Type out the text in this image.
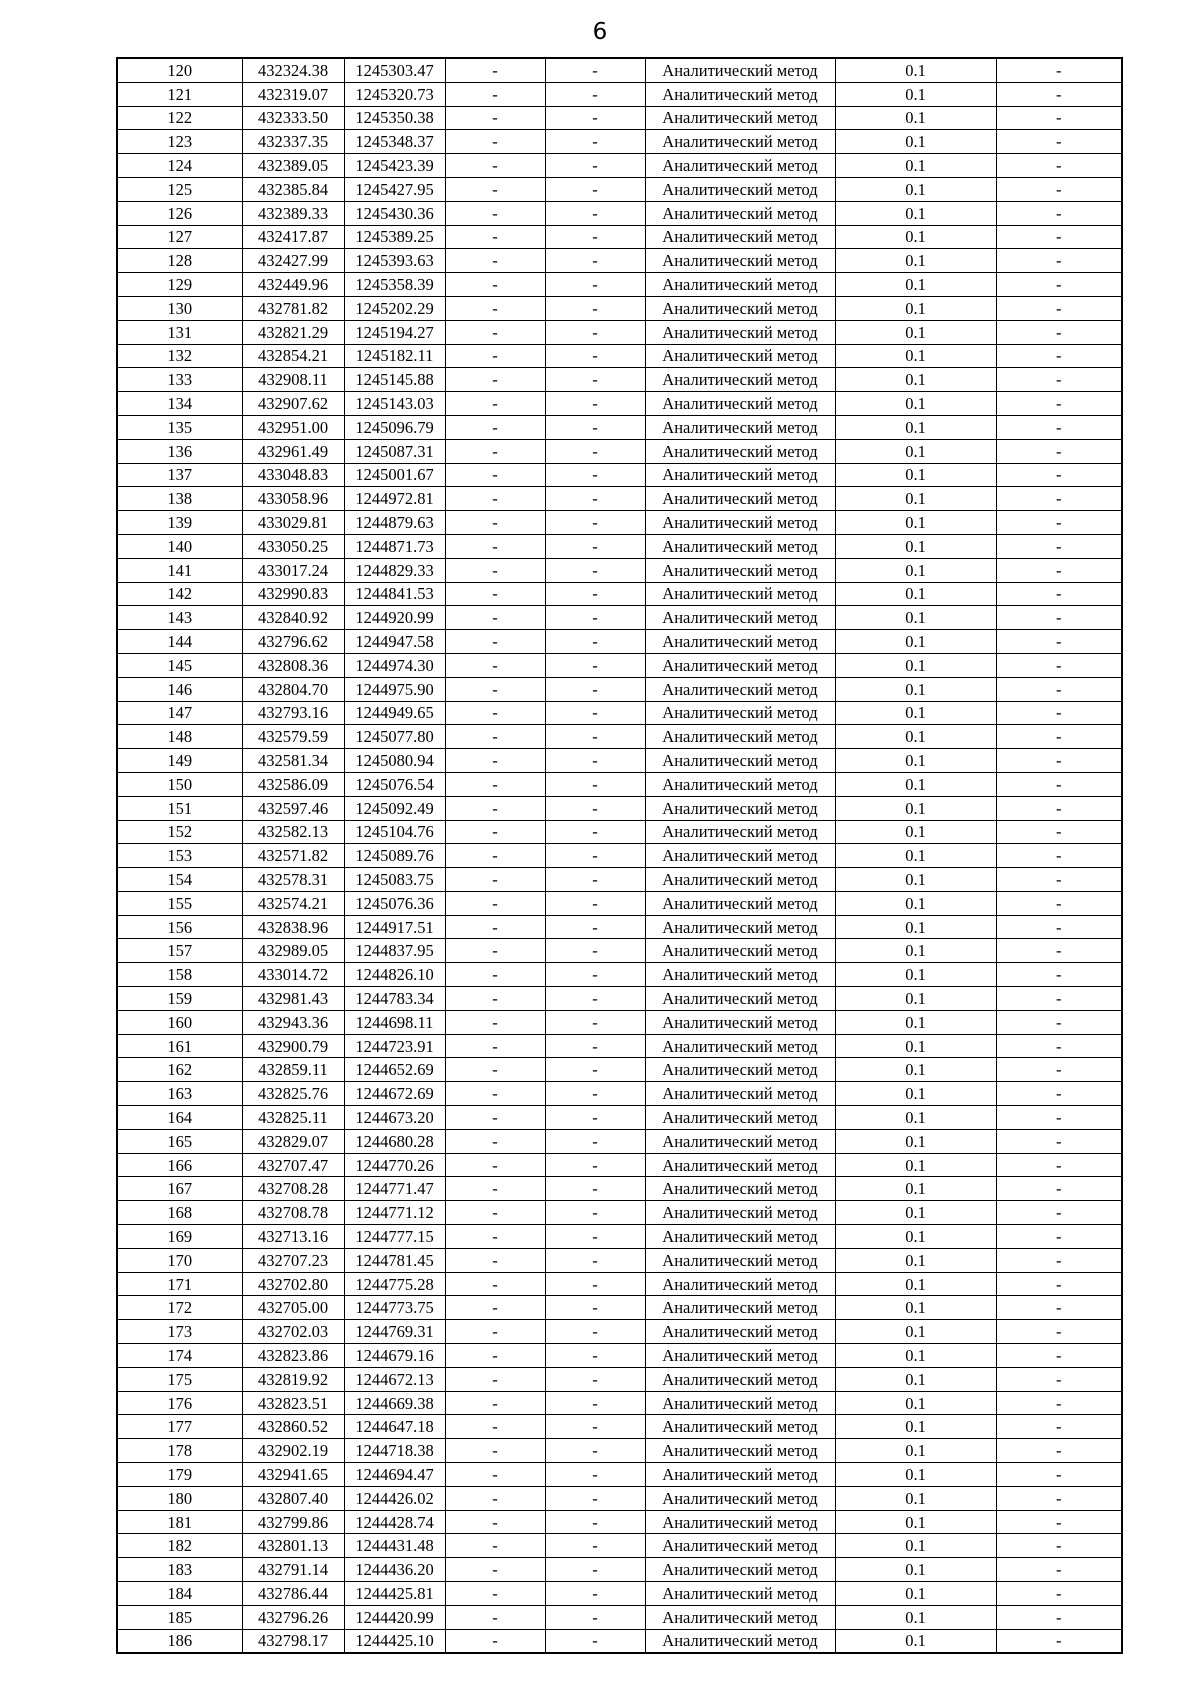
6
120	432324.38	1245303.47	-	-	Аналитический метод	0.1	-
121	432319.07	1245320.73	-	-	Аналитический метод	0.1	-
122	432333.50	1245350.38	-	-	Аналитический метод	0.1	-
123	432337.35	1245348.37	-	-	Аналитический метод	0.1	-
124	432389.05	1245423.39	-	-	Аналитический метод	0.1	-
125	432385.84	1245427.95	-	-	Аналитический метод	0.1	-
126	432389.33	1245430.36	-	-	Аналитический метод	0.1	-
127	432417.87	1245389.25	-	-	Аналитический метод	0.1	-
128	432427.99	1245393.63	-	-	Аналитический метод	0.1	-
129	432449.96	1245358.39	-	-	Аналитический метод	0.1	-
130	432781.82	1245202.29	-	-	Аналитический метод	0.1	-
131	432821.29	1245194.27	-	-	Аналитический метод	0.1	-
132	432854.21	1245182.11	-	-	Аналитический метод	0.1	-
133	432908.11	1245145.88	-	-	Аналитический метод	0.1	-
134	432907.62	1245143.03	-	-	Аналитический метод	0.1	-
135	432951.00	1245096.79	-	-	Аналитический метод	0.1	-
136	432961.49	1245087.31	-	-	Аналитический метод	0.1	-
137	433048.83	1245001.67	-	-	Аналитический метод	0.1	-
138	433058.96	1244972.81	-	-	Аналитический метод	0.1	-
139	433029.81	1244879.63	-	-	Аналитический метод	0.1	-
140	433050.25	1244871.73	-	-	Аналитический метод	0.1	-
141	433017.24	1244829.33	-	-	Аналитический метод	0.1	-
142	432990.83	1244841.53	-	-	Аналитический метод	0.1	-
143	432840.92	1244920.99	-	-	Аналитический метод	0.1	-
144	432796.62	1244947.58	-	-	Аналитический метод	0.1	-
145	432808.36	1244974.30	-	-	Аналитический метод	0.1	-
146	432804.70	1244975.90	-	-	Аналитический метод	0.1	-
147	432793.16	1244949.65	-	-	Аналитический метод	0.1	-
148	432579.59	1245077.80	-	-	Аналитический метод	0.1	-
149	432581.34	1245080.94	-	-	Аналитический метод	0.1	-
150	432586.09	1245076.54	-	-	Аналитический метод	0.1	-
151	432597.46	1245092.49	-	-	Аналитический метод	0.1	-
152	432582.13	1245104.76	-	-	Аналитический метод	0.1	-
153	432571.82	1245089.76	-	-	Аналитический метод	0.1	-
154	432578.31	1245083.75	-	-	Аналитический метод	0.1	-
155	432574.21	1245076.36	-	-	Аналитический метод	0.1	-
156	432838.96	1244917.51	-	-	Аналитический метод	0.1	-
157	432989.05	1244837.95	-	-	Аналитический метод	0.1	-
158	433014.72	1244826.10	-	-	Аналитический метод	0.1	-
159	432981.43	1244783.34	-	-	Аналитический метод	0.1	-
160	432943.36	1244698.11	-	-	Аналитический метод	0.1	-
161	432900.79	1244723.91	-	-	Аналитический метод	0.1	-
162	432859.11	1244652.69	-	-	Аналитический метод	0.1	-
163	432825.76	1244672.69	-	-	Аналитический метод	0.1	-
164	432825.11	1244673.20	-	-	Аналитический метод	0.1	-
165	432829.07	1244680.28	-	-	Аналитический метод	0.1	-
166	432707.47	1244770.26	-	-	Аналитический метод	0.1	-
167	432708.28	1244771.47	-	-	Аналитический метод	0.1	-
168	432708.78	1244771.12	-	-	Аналитический метод	0.1	-
169	432713.16	1244777.15	-	-	Аналитический метод	0.1	-
170	432707.23	1244781.45	-	-	Аналитический метод	0.1	-
171	432702.80	1244775.28	-	-	Аналитический метод	0.1	-
172	432705.00	1244773.75	-	-	Аналитический метод	0.1	-
173	432702.03	1244769.31	-	-	Аналитический метод	0.1	-
174	432823.86	1244679.16	-	-	Аналитический метод	0.1	-
175	432819.92	1244672.13	-	-	Аналитический метод	0.1	-
176	432823.51	1244669.38	-	-	Аналитический метод	0.1	-
177	432860.52	1244647.18	-	-	Аналитический метод	0.1	-
178	432902.19	1244718.38	-	-	Аналитический метод	0.1	-
179	432941.65	1244694.47	-	-	Аналитический метод	0.1	-
180	432807.40	1244426.02	-	-	Аналитический метод	0.1	-
181	432799.86	1244428.74	-	-	Аналитический метод	0.1	-
182	432801.13	1244431.48	-	-	Аналитический метод	0.1	-
183	432791.14	1244436.20	-	-	Аналитический метод	0.1	-
184	432786.44	1244425.81	-	-	Аналитический метод	0.1	-
185	432796.26	1244420.99	-	-	Аналитический метод	0.1	-
186	432798.17	1244425.10	-	-	Аналитический метод	0.1	-
